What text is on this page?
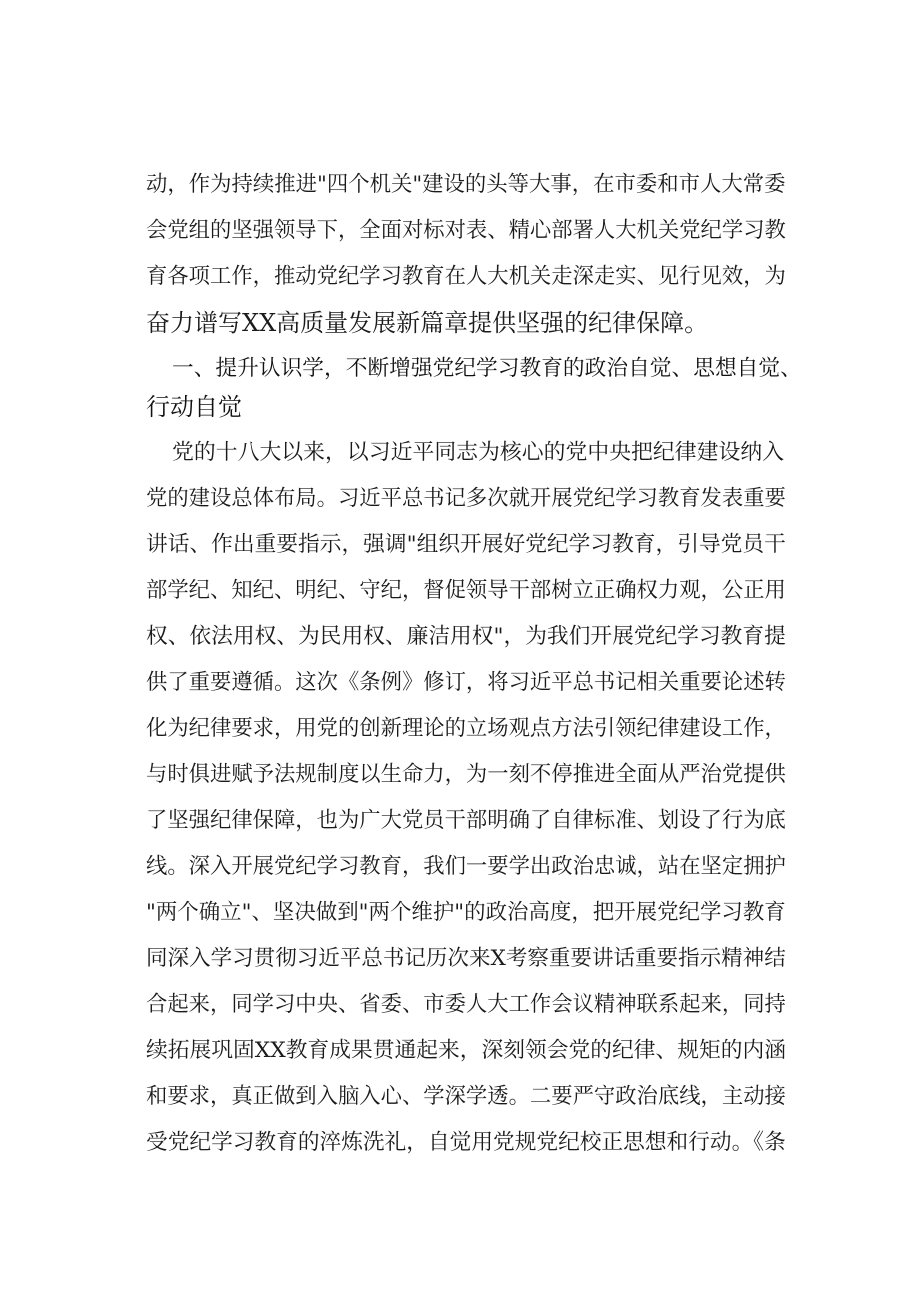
动，作为持续推进"四个机关"建设的头等大事，在市委和市人大常委
会党组的坚强领导下，全面对标对表、精心部署人大机关党纪学习教
育各项工作，推动党纪学习教育在人大机关走深走实、见行见效，为
奋力谱写XX高质量发展新篇章提供坚强的纪律保障。
一、提升认识学，不断增强党纪学习教育的政治自觉、思想自觉、
行动自觉
党的十八大以来，以习近平同志为核心的党中央把纪律建设纳入
党的建设总体布局。习近平总书记多次就开展党纪学习教育发表重要
讲话、作出重要指示，强调"组织开展好党纪学习教育，引导党员干
部学纪、知纪、明纪、守纪，督促领导干部树立正确权力观，公正用
权、依法用权、为民用权、廉洁用权"，为我们开展党纪学习教育提
供了重要遵循。这次《条例》修订，将习近平总书记相关重要论述转
化为纪律要求，用党的创新理论的立场观点方法引领纪律建设工作，
与时俱进赋予法规制度以生命力，为一刻不停推进全面从严治党提供
了坚强纪律保障，也为广大党员干部明确了自律标准、划设了行为底
线。深入开展党纪学习教育，我们一要学出政治忠诚，站在坚定拥护
"两个确立"、坚决做到"两个维护"的政治高度，把开展党纪学习教育
同深入学习贯彻习近平总书记历次来X考察重要讲话重要指示精神结
合起来，同学习中央、省委、市委人大工作会议精神联系起来，同持
续拓展巩固XX教育成果贯通起来，深刻领会党的纪律、规矩的内涵
和要求，真正做到入脑入心、学深学透。二要严守政治底线，主动接
受党纪学习教育的淬炼洗礼，自觉用党规党纪校正思想和行动。《条
